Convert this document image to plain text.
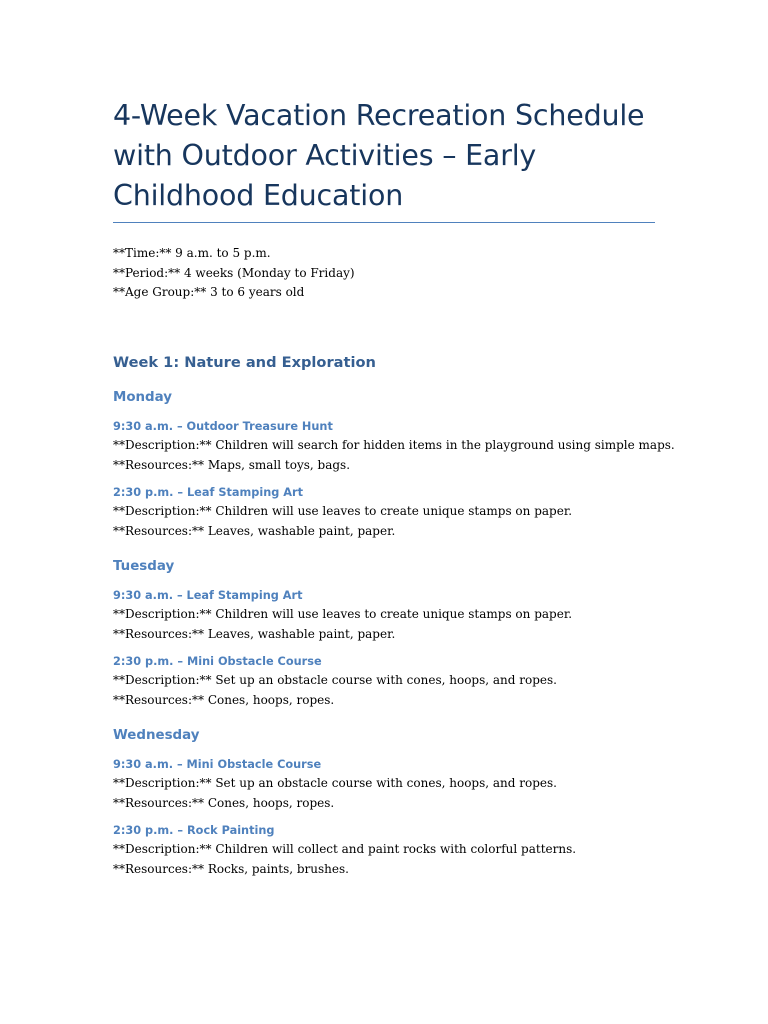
4-Week Vacation Recreation Schedule with Outdoor Activities – Early Childhood Education
**Time:** 9 a.m. to 5 p.m.
**Period:** 4 weeks (Monday to Friday)
**Age Group:** 3 to 6 years old
Week 1: Nature and Exploration
Monday
9:30 a.m. – Outdoor Treasure Hunt
**Description:** Children will search for hidden items in the playground using simple maps.
**Resources:** Maps, small toys, bags.
2:30 p.m. – Leaf Stamping Art
**Description:** Children will use leaves to create unique stamps on paper.
**Resources:** Leaves, washable paint, paper.
Tuesday
9:30 a.m. – Leaf Stamping Art
**Description:** Children will use leaves to create unique stamps on paper.
**Resources:** Leaves, washable paint, paper.
2:30 p.m. – Mini Obstacle Course
**Description:** Set up an obstacle course with cones, hoops, and ropes.
**Resources:** Cones, hoops, ropes.
Wednesday
9:30 a.m. – Mini Obstacle Course
**Description:** Set up an obstacle course with cones, hoops, and ropes.
**Resources:** Cones, hoops, ropes.
2:30 p.m. – Rock Painting
**Description:** Children will collect and paint rocks with colorful patterns.
**Resources:** Rocks, paints, brushes.
